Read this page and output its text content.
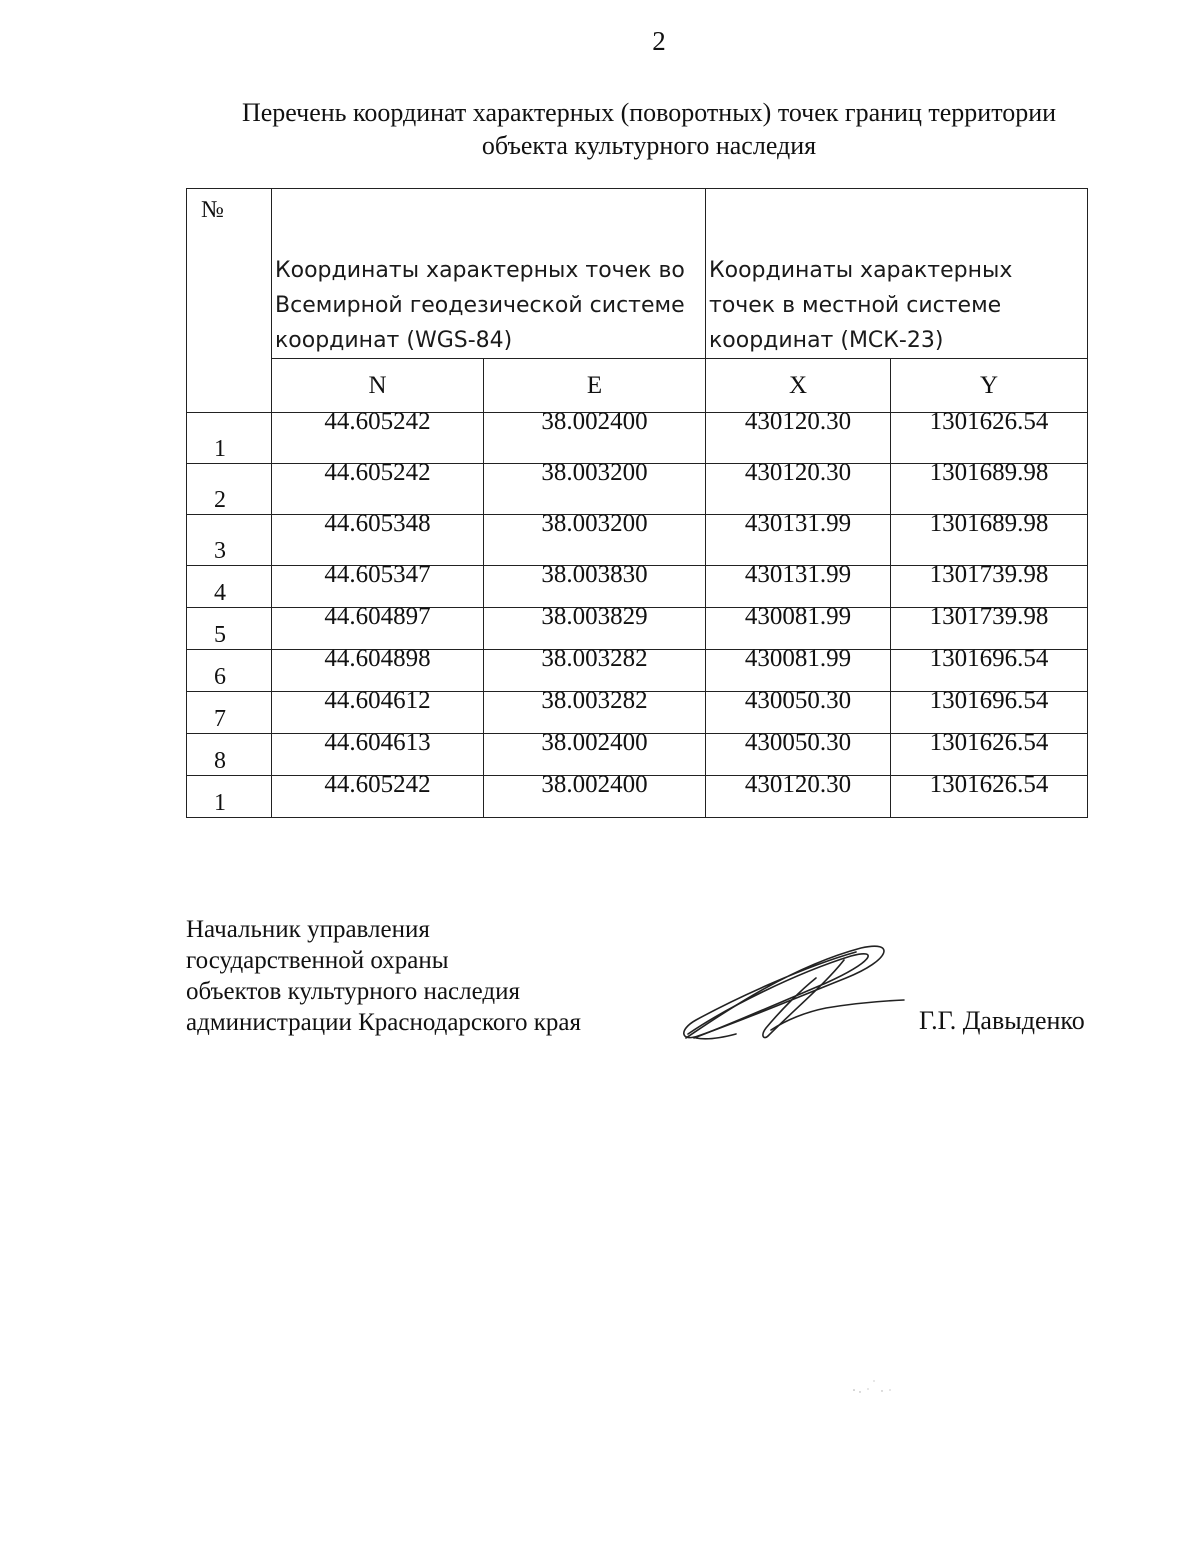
2
Перечень координат характерных (поворотных) точек границ территории
объекта культурного наследия
№	Координаты характерных точек во Всемирной геодезической системе координат (WGS-84)		Координаты характерных точек в местной системе координат (МСК-23)	
	N	E	X	Y
1	44.605242	38.002400	430120.30	1301626.54
2	44.605242	38.003200	430120.30	1301689.98
3	44.605348	38.003200	430131.99	1301689.98
4	44.605347	38.003830	430131.99	1301739.98
5	44.604897	38.003829	430081.99	1301739.98
6	44.604898	38.003282	430081.99	1301696.54
7	44.604612	38.003282	430050.30	1301696.54
8	44.604613	38.002400	430050.30	1301626.54
1	44.605242	38.002400	430120.30	1301626.54
Начальник управления
государственной охраны
объектов культурного наследия
администрации Краснодарского края	Г.Г. Давыденко
